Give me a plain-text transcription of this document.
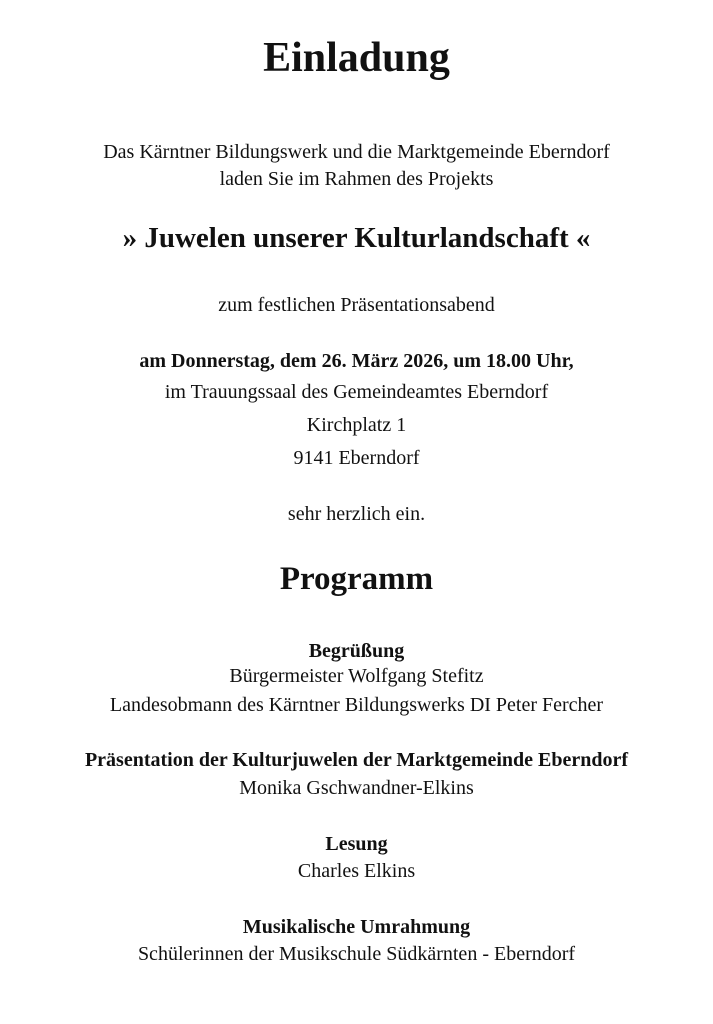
Einladung
Das Kärntner Bildungswerk und die Marktgemeinde Eberndorf
laden Sie im Rahmen des Projekts
» Juwelen unserer Kulturlandschaft «
zum festlichen Präsentationsabend
am Donnerstag, dem 26. März 2026, um 18.00 Uhr,
im Trauungssaal des Gemeindeamtes Eberndorf
Kirchplatz 1
9141 Eberndorf
sehr herzlich ein.
Programm
Begrüßung
Bürgermeister Wolfgang Stefitz
Landesobmann des Kärntner Bildungswerks DI Peter Fercher
Präsentation der Kulturjuwelen der Marktgemeinde Eberndorf
Monika Gschwandner-Elkins
Lesung
Charles Elkins
Musikalische Umrahmung
Schülerinnen der Musikschule Südkärnten - Eberndorf
